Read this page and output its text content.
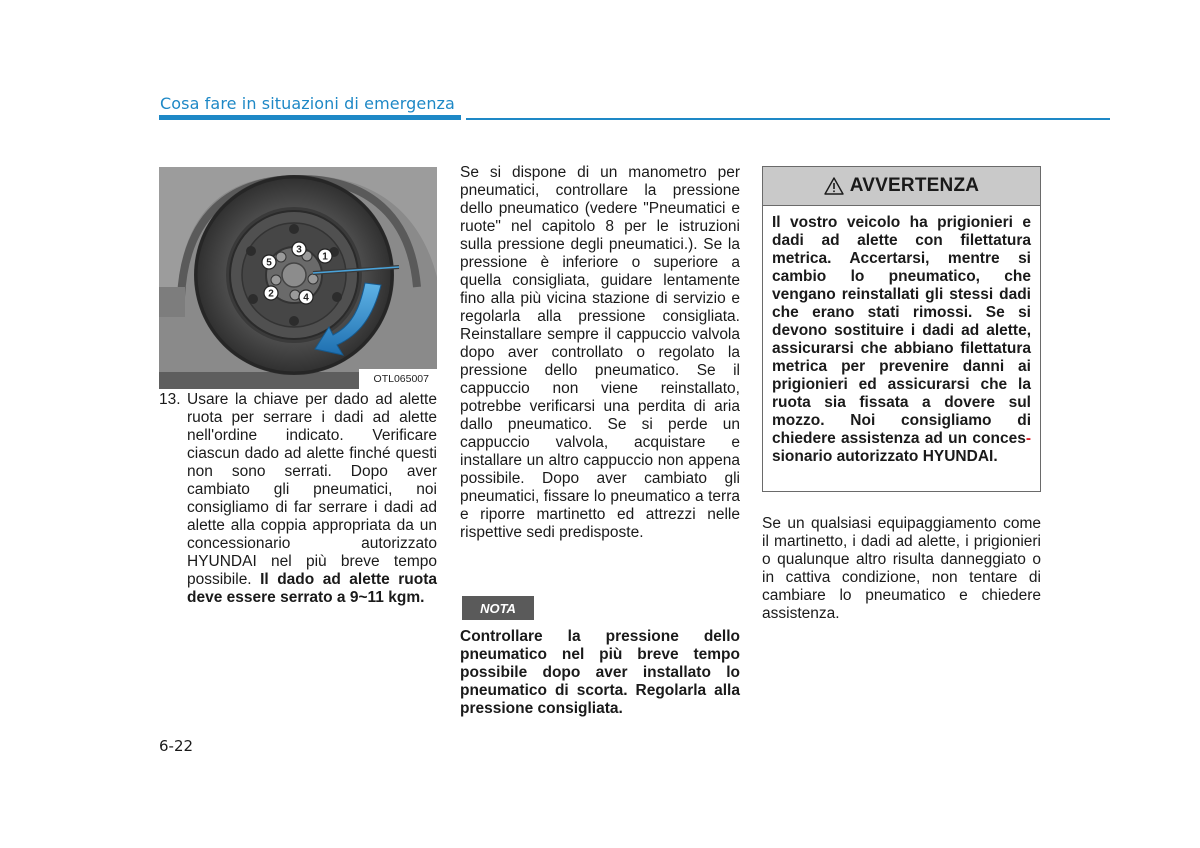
Cosa fare in situazioni di emergenza
3
1
5
2	4
OTL065007
13. Usare la chiave per dado ad alette ruota per serrare i dadi ad alette nell'ordine indicato. Verificare ciascun dado ad alette finché questi non sono serrati. Dopo aver cambiato gli pneumatici, noi consigliamo di far serrare i dadi ad alette alla coppia appropriata da un concessionario autorizzato HYUNDAI nel più breve tempo possibile. Il dado ad alette ruota deve essere serrato a 9~11 kgm.
Se si dispone di un manometro per pneumatici, controllare la pressione dello pneumatico (vedere "Pneumatici e ruote" nel capitolo 8 per le istruzioni sulla pressione degli pneumatici.). Se la pressione è inferiore o superiore a quella consigliata, guidare lentamente fino alla più vicina stazione di servizio e regolarla alla pressione consigliata. Reinstallare sempre il cappuccio valvola dopo aver controllato o regolato la pressione dello pneumatico. Se il cappuccio non viene reinstallato, potrebbe verificarsi una perdita di aria dallo pneumatico. Se si perde un cappuccio valvola, acquistare e installare un altro cappuccio non appena possibile. Dopo aver cambiato gli pneumatici, fissare lo pneumatico a terra e riporre martinetto ed attrezzi nelle rispettive sedi predisposte.
NOTA
Controllare la pressione dello pneumatico nel più breve tempo possibile dopo aver installato lo pneumatico di scorta. Regolarla alla pressione consigliata.
AVVERTENZA
Il vostro veicolo ha prigionieri e dadi ad alette con filettatura metrica. Accertarsi, mentre si cambio lo pneumatico, che vengano reinstallati gli stessi dadi che erano stati rimossi. Se si devono sostituire i dadi ad alette, assicurarsi che abbiano filettatura metrica per prevenire danni ai prigionieri ed assicurarsi che la ruota sia fissata a dovere sul mozzo. Noi consigliamo di chiedere assistenza ad un conces- sionario autorizzato HYUNDAI.
Se un qualsiasi equipaggiamento come il martinetto, i dadi ad alette, i prigionieri o qualunque altro risulta danneggiato o in cattiva condizione, non tentare di cambiare lo pneumatico e chiedere assistenza.
6-22
